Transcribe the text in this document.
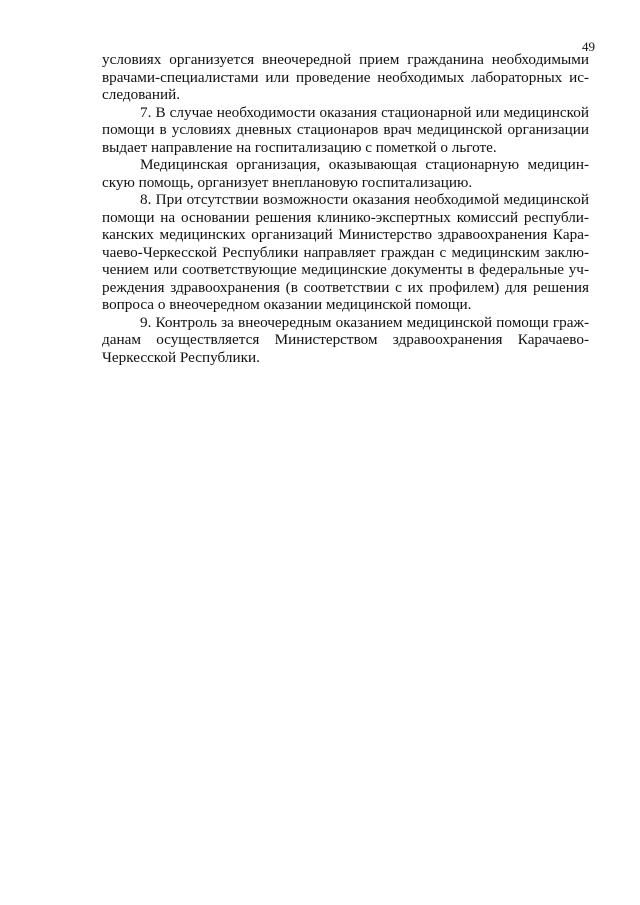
49
условиях организуется внеочередной прием гражданина необходимыми
врачами-специалистами или проведение необходимых лабораторных ис-
следований.
7. В случае необходимости оказания стационарной или медицинской
помощи в условиях дневных стационаров врач медицинской организации
выдает направление на госпитализацию с пометкой о льготе.
Медицинская организация, оказывающая стационарную медицин-
скую помощь, организует внеплановую госпитализацию.
8. При отсутствии возможности оказания необходимой медицинской
помощи на основании решения клинико-экспертных комиссий республи-
канских медицинских организаций Министерство здравоохранения Кара-
чаево-Черкесской Республики направляет граждан с медицинским заклю-
чением или соответствующие медицинские документы в федеральные уч-
реждения здравоохранения (в соответствии с их профилем) для решения
вопроса о внеочередном оказании медицинской помощи.
9. Контроль за внеочередным оказанием медицинской помощи граж-
данам осуществляется Министерством здравоохранения Карачаево-
Черкесской Республики.
